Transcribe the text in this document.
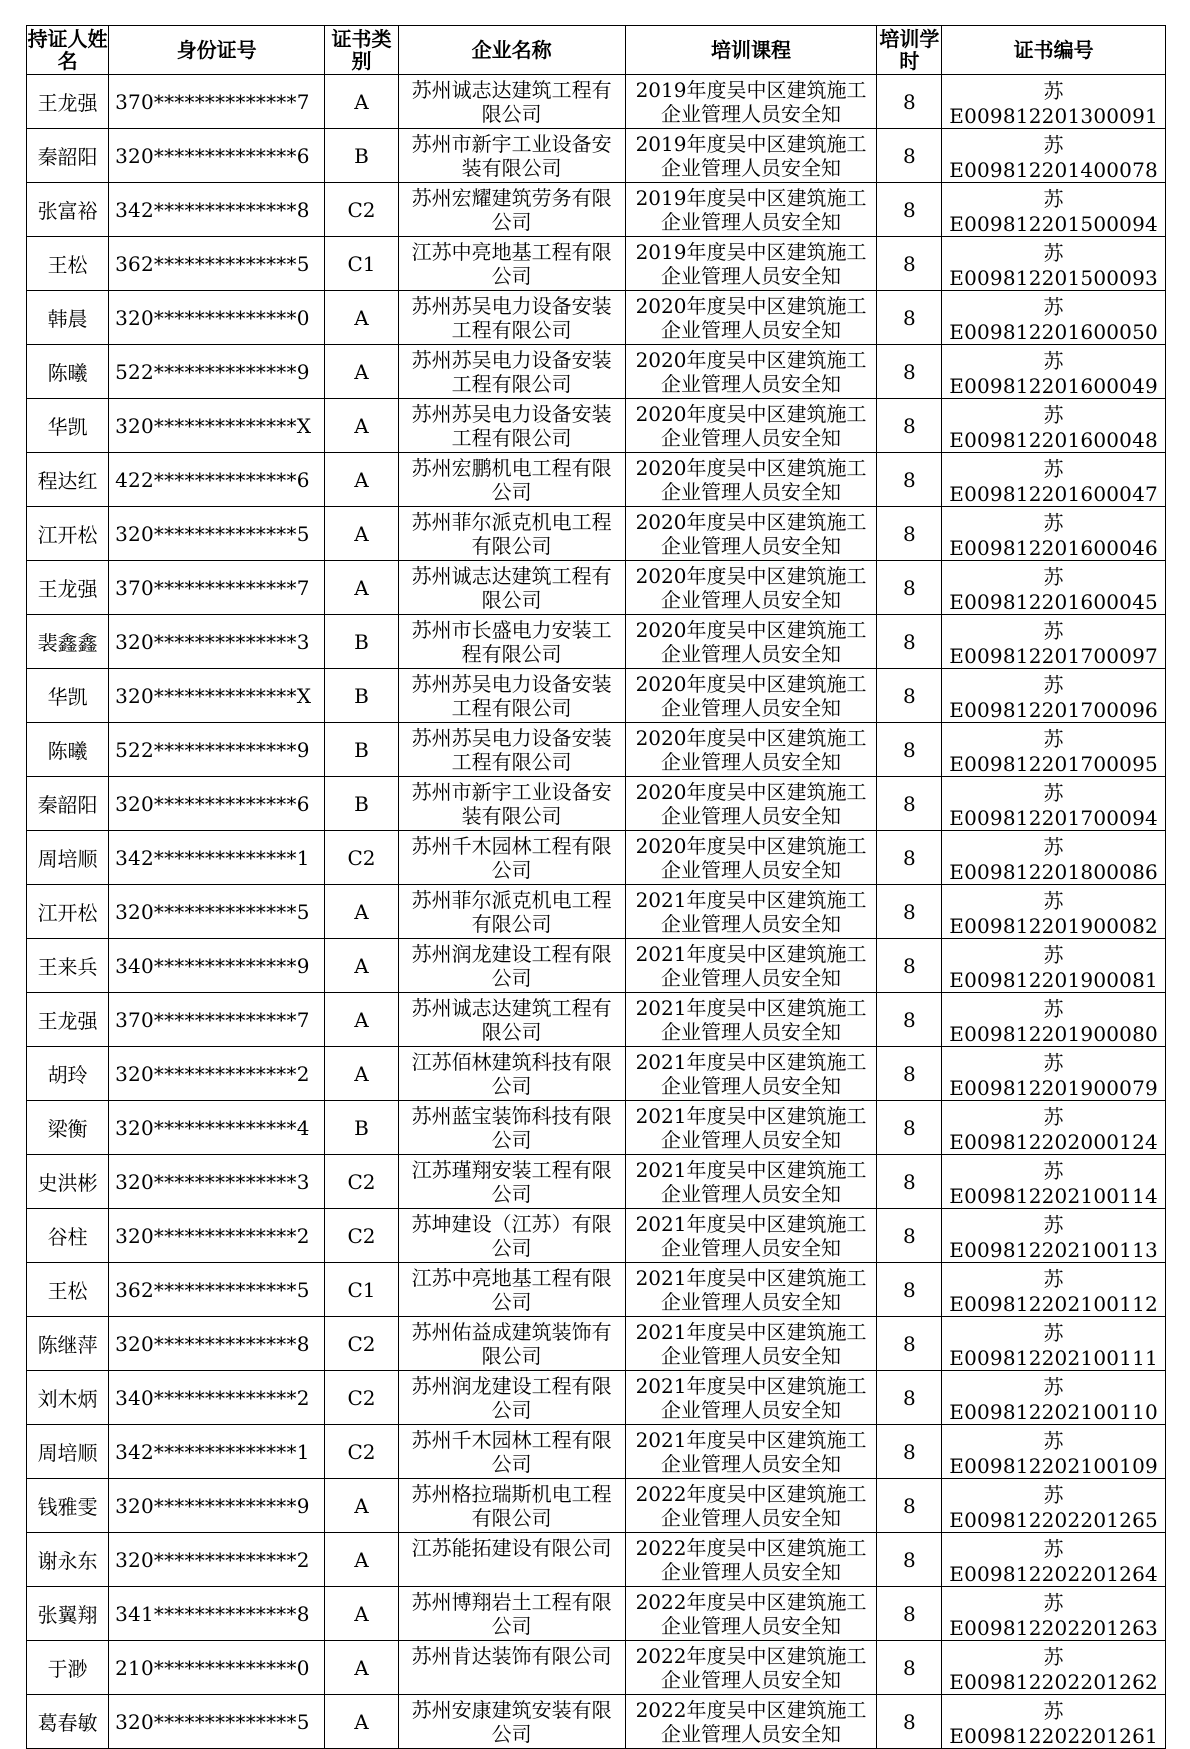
持证人姓名	身份证号	证书类别	企业名称	培训课程	培训学时	证书编号
王龙强	370**************7	A	苏州诚志达建筑工程有限公司	2019年度吴中区建筑施工企业管理人员安全知	8	苏E009812201300091
秦韶阳	320**************6	B	苏州市新宇工业设备安装有限公司	2019年度吴中区建筑施工企业管理人员安全知	8	苏E009812201400078
张富裕	342**************8	C2	苏州宏耀建筑劳务有限公司	2019年度吴中区建筑施工企业管理人员安全知	8	苏E009812201500094
王松	362**************5	C1	江苏中亮地基工程有限公司	2019年度吴中区建筑施工企业管理人员安全知	8	苏E009812201500093
韩晨	320**************0	A	苏州苏吴电力设备安装工程有限公司	2020年度吴中区建筑施工企业管理人员安全知	8	苏E009812201600050
陈曦	522**************9	A	苏州苏吴电力设备安装工程有限公司	2020年度吴中区建筑施工企业管理人员安全知	8	苏E009812201600049
华凯	320**************X	A	苏州苏吴电力设备安装工程有限公司	2020年度吴中区建筑施工企业管理人员安全知	8	苏E009812201600048
程达红	422**************6	A	苏州宏鹏机电工程有限公司	2020年度吴中区建筑施工企业管理人员安全知	8	苏E009812201600047
江开松	320**************5	A	苏州菲尔派克机电工程有限公司	2020年度吴中区建筑施工企业管理人员安全知	8	苏E009812201600046
王龙强	370**************7	A	苏州诚志达建筑工程有限公司	2020年度吴中区建筑施工企业管理人员安全知	8	苏E009812201600045
裴鑫鑫	320**************3	B	苏州市长盛电力安装工程有限公司	2020年度吴中区建筑施工企业管理人员安全知	8	苏E009812201700097
华凯	320**************X	B	苏州苏吴电力设备安装工程有限公司	2020年度吴中区建筑施工企业管理人员安全知	8	苏E009812201700096
陈曦	522**************9	B	苏州苏吴电力设备安装工程有限公司	2020年度吴中区建筑施工企业管理人员安全知	8	苏E009812201700095
秦韶阳	320**************6	B	苏州市新宇工业设备安装有限公司	2020年度吴中区建筑施工企业管理人员安全知	8	苏E009812201700094
周培顺	342**************1	C2	苏州千木园林工程有限公司	2020年度吴中区建筑施工企业管理人员安全知	8	苏E009812201800086
江开松	320**************5	A	苏州菲尔派克机电工程有限公司	2021年度吴中区建筑施工企业管理人员安全知	8	苏E009812201900082
王来兵	340**************9	A	苏州润龙建设工程有限公司	2021年度吴中区建筑施工企业管理人员安全知	8	苏E009812201900081
王龙强	370**************7	A	苏州诚志达建筑工程有限公司	2021年度吴中区建筑施工企业管理人员安全知	8	苏E009812201900080
胡玲	320**************2	A	江苏佰林建筑科技有限公司	2021年度吴中区建筑施工企业管理人员安全知	8	苏E009812201900079
梁衡	320**************4	B	苏州蓝宝装饰科技有限公司	2021年度吴中区建筑施工企业管理人员安全知	8	苏E009812202000124
史洪彬	320**************3	C2	江苏瑾翔安装工程有限公司	2021年度吴中区建筑施工企业管理人员安全知	8	苏E009812202100114
谷柱	320**************2	C2	苏坤建设（江苏）有限公司	2021年度吴中区建筑施工企业管理人员安全知	8	苏E009812202100113
王松	362**************5	C1	江苏中亮地基工程有限公司	2021年度吴中区建筑施工企业管理人员安全知	8	苏E009812202100112
陈继萍	320**************8	C2	苏州佑益成建筑装饰有限公司	2021年度吴中区建筑施工企业管理人员安全知	8	苏E009812202100111
刘木炳	340**************2	C2	苏州润龙建设工程有限公司	2021年度吴中区建筑施工企业管理人员安全知	8	苏E009812202100110
周培顺	342**************1	C2	苏州千木园林工程有限公司	2021年度吴中区建筑施工企业管理人员安全知	8	苏E009812202100109
钱雅雯	320**************9	A	苏州格拉瑞斯机电工程有限公司	2022年度吴中区建筑施工企业管理人员安全知	8	苏E009812202201265
谢永东	320**************2	A	江苏能拓建设有限公司	2022年度吴中区建筑施工企业管理人员安全知	8	苏E009812202201264
张翼翔	341**************8	A	苏州博翔岩土工程有限公司	2022年度吴中区建筑施工企业管理人员安全知	8	苏E009812202201263
于渺	210**************0	A	苏州肯达装饰有限公司	2022年度吴中区建筑施工企业管理人员安全知	8	苏E009812202201262
葛春敏	320**************5	A	苏州安康建筑安装有限公司	2022年度吴中区建筑施工企业管理人员安全知	8	苏E009812202201261
